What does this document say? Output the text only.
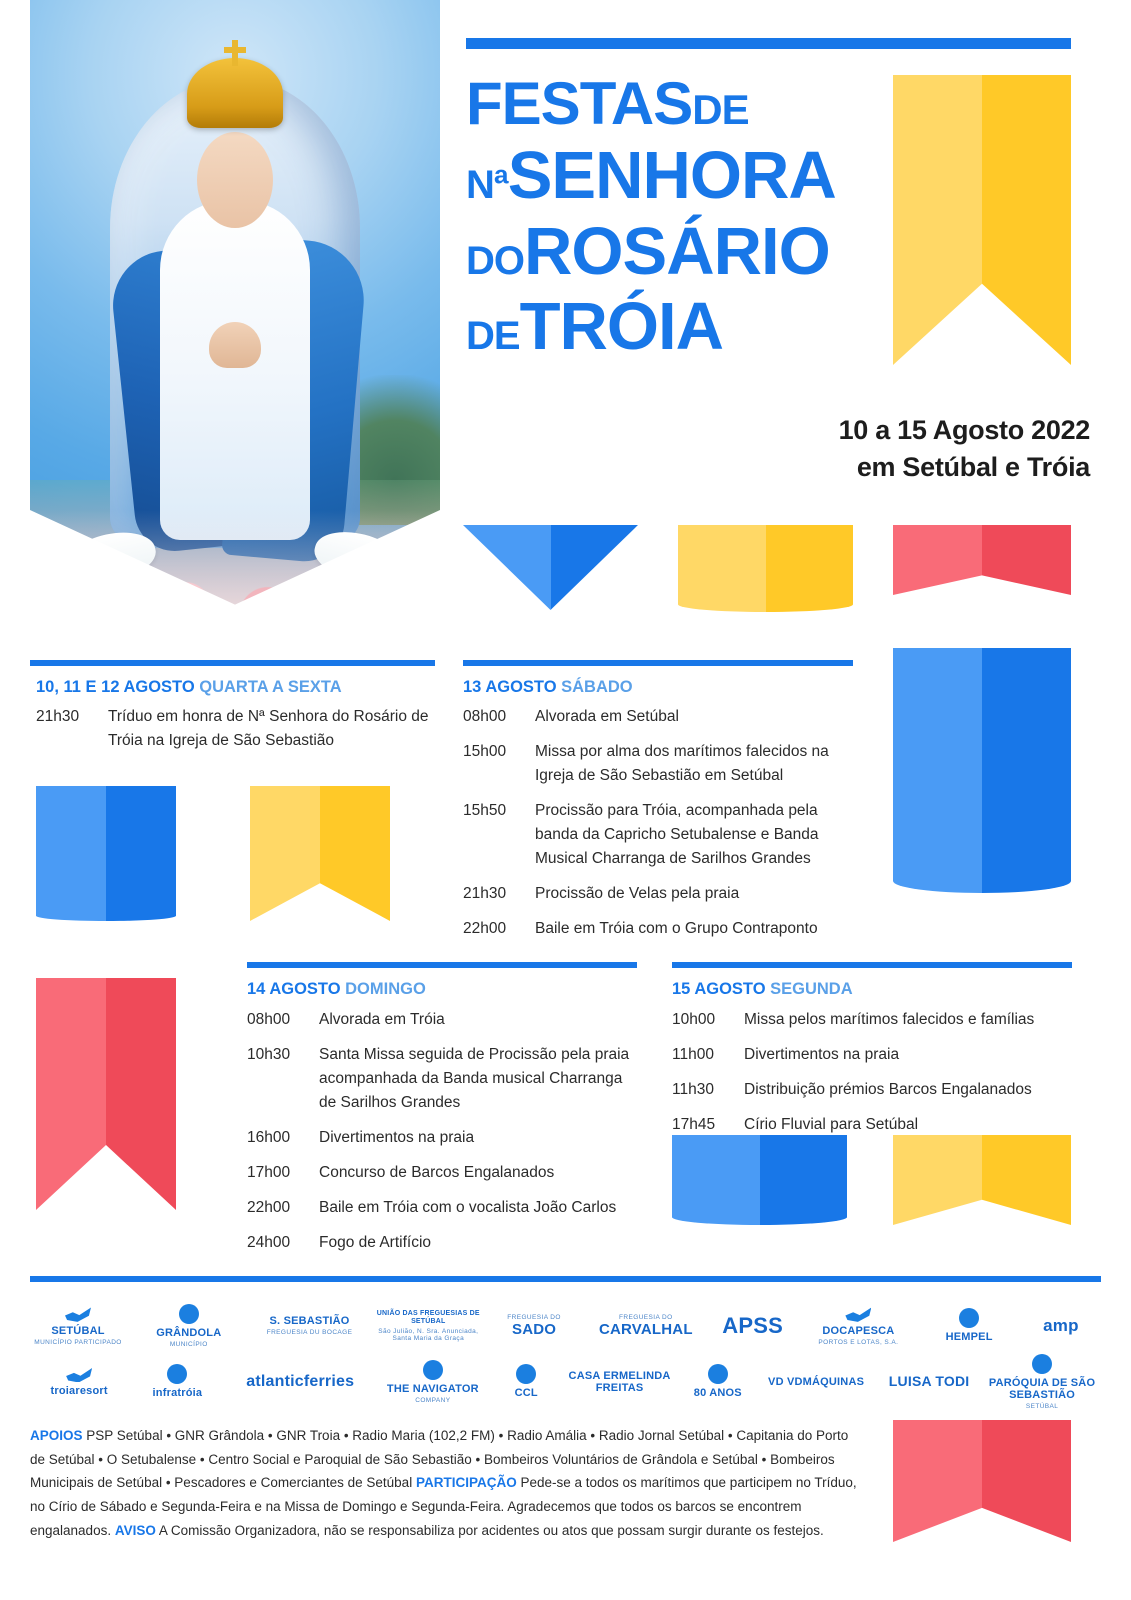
FESTASDE
NªSENHORA
DOROSÁRIO
DETRÓIA
10 a 15 Agosto 2022
em Setúbal e Tróia
10, 11 E 12 AGOSTO QUARTA A SEXTA
21h30	Tríduo em honra de Nª Senhora do Rosário de Tróia na Igreja de São Sebastião
13 AGOSTO SÁBADO
08h00	Alvorada em Setúbal
15h00	Missa por alma dos marítimos falecidos na Igreja de São Sebastião em Setúbal
15h50	Procissão para Tróia, acompanhada pela banda da Capricho Setubalense e Banda Musical Charranga de Sarilhos Grandes
21h30	Procissão de Velas pela praia
22h00	Baile em Tróia com o Grupo Contraponto
14 AGOSTO DOMINGO
08h00	Alvorada em Tróia
10h30	Santa Missa seguida de Procissão pela praia acompanhada da Banda musical Charranga de Sarilhos Grandes
16h00	Divertimentos na praia
17h00	Concurso de Barcos Engalanados
22h00	Baile em Tróia com o vocalista João Carlos
24h00	Fogo de Artifício
15 AGOSTO SEGUNDA
10h00	Missa pelos marítimos falecidos e famílias
11h00	Divertimentos na praia
11h30	Distribuição prémios Barcos Engalanados
17h45	Círio Fluvial para Setúbal
SETÚBAL
MUNICÍPIO PARTICIPADO
GRÂNDOLA
MUNICÍPIO
S. SEBASTIÃO
FREGUESIA DU BOCAGE
UNIÃO DAS FREGUESIAS DE SETÚBAL
São Julião, N. Sra. Anunciada, Santa Maria da Graça
FREGUESIA DO
SADO
FREGUESIA DO
CARVALHAL	APSS	DOCAPESCA
PORTOS E LOTAS, S.A.	HEMPEL
amp
troiaresort	infratróia
atlanticferries	THE NAVIGATOR
COMPANY
CCL
CASA ERMELINDA FREITAS	80 ANOS
VD VDMÁQUINAS	LUISA TODI	PARÓQUIA DE SÃO SEBASTIÃO
SETÚBAL
APOIOS PSP Setúbal • GNR Grândola • GNR Troia • Radio Maria (102,2 FM) • Radio Amália • Radio Jornal Setúbal • Capitania do Porto de Setúbal • O Setubalense • Centro Social e Paroquial de São Sebastião • Bombeiros Voluntários de Grândola e Setúbal • Bombeiros Municipais de Setúbal • Pescadores e Comerciantes de Setúbal PARTICIPAÇÃO Pede-se a todos os marítimos que participem no Tríduo, no Círio de Sábado e Segunda-Feira e na Missa de Domingo e Segunda-Feira. Agradecemos que todos os barcos se encontrem engalanados. AVISO A Comissão Organizadora, não se responsabiliza por acidentes ou atos que possam surgir durante os festejos.
